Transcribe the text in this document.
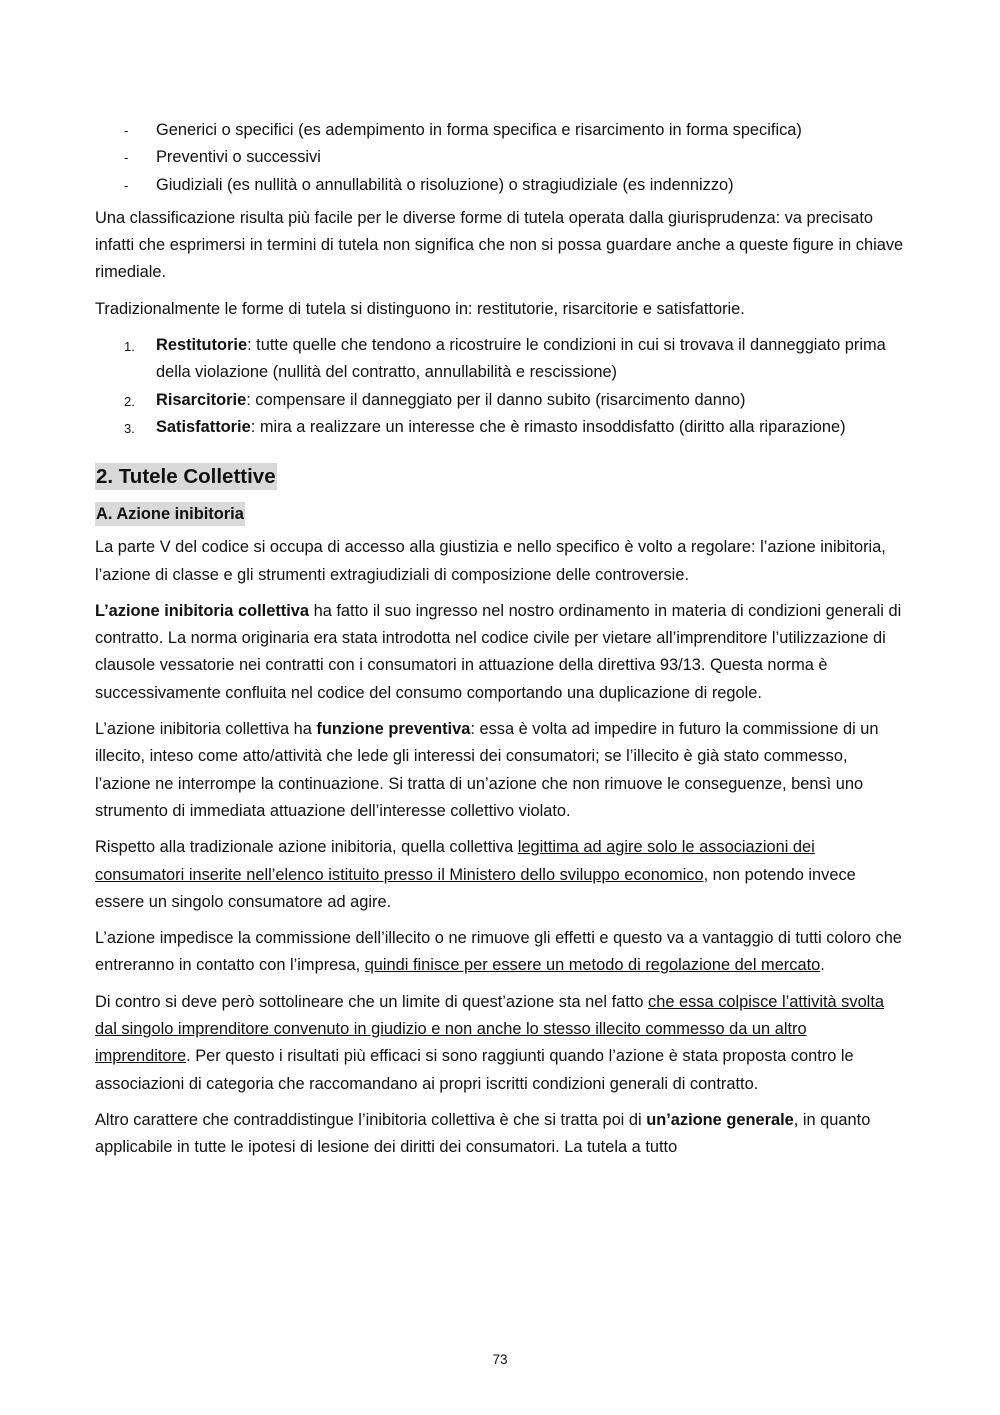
- Generici o specifici (es adempimento in forma specifica e risarcimento in forma specifica)
- Preventivi o successivi
- Giudiziali (es nullità o annullabilità o risoluzione) o stragiudiziale (es indennizzo)

Una classificazione risulta più facile per le diverse forme di tutela operata dalla giurisprudenza: va precisato infatti che esprimersi in termini di tutela non significa che non si possa guardare anche a queste figure in chiave rimediale.

Tradizionalmente le forme di tutela si distinguono in: restitutorie, risarcitorie e satisfattorie.

1. Restitutorie: tutte quelle che tendono a ricostruire le condizioni in cui si trovava il danneggiato prima della violazione (nullità del contratto, annullabilità e rescissione)
2. Risarcitorie: compensare il danneggiato per il danno subito (risarcimento danno)
3. Satisfattorie: mira a realizzare un interesse che è rimasto insoddisfatto (diritto alla riparazione)
2. Tutele Collettive
A. Azione inibitoria

La parte V del codice si occupa di accesso alla giustizia e nello specifico è volto a regolare: l’azione inibitoria, l’azione di classe e gli strumenti extragiudiziali di composizione delle controversie.

L’azione inibitoria collettiva ha fatto il suo ingresso nel nostro ordinamento in materia di condizioni generali di contratto. La norma originaria era stata introdotta nel codice civile per vietare all’imprenditore l’utilizzazione di clausole vessatorie nei contratti con i consumatori in attuazione della direttiva 93/13. Questa norma è successivamente confluita nel codice del consumo comportando una duplicazione di regole.

L’azione inibitoria collettiva ha funzione preventiva: essa è volta ad impedire in futuro la commissione di un illecito, inteso come atto/attività che lede gli interessi dei consumatori; se l’illecito è già stato commesso, l’azione ne interrompe la continuazione. Si tratta di un’azione che non rimuove le conseguenze, bensì uno strumento di immediata attuazione dell’interesse collettivo violato.

Rispetto alla tradizionale azione inibitoria, quella collettiva legittima ad agire solo le associazioni dei consumatori inserite nell’elenco istituito presso il Ministero dello sviluppo economico, non potendo invece essere un singolo consumatore ad agire.

L’azione impedisce la commissione dell’illecito o ne rimuove gli effetti e questo va a vantaggio di tutti coloro che entreranno in contatto con l’impresa, quindi finisce per essere un metodo di regolazione del mercato.

Di contro si deve però sottolineare che un limite di quest’azione sta nel fatto che essa colpisce l’attività svolta dal singolo imprenditore convenuto in giudizio e non anche lo stesso illecito commesso da un altro imprenditore. Per questo i risultati più efficaci si sono raggiunti quando l’azione è stata proposta contro le associazioni di categoria che raccomandano ai propri iscritti condizioni generali di contratto.

Altro carattere che contraddistingue l’inibitoria collettiva è che si tratta poi di un’azione generale, in quanto applicabile in tutte le ipotesi di lesione dei diritti dei consumatori. La tutela a tutto

73
